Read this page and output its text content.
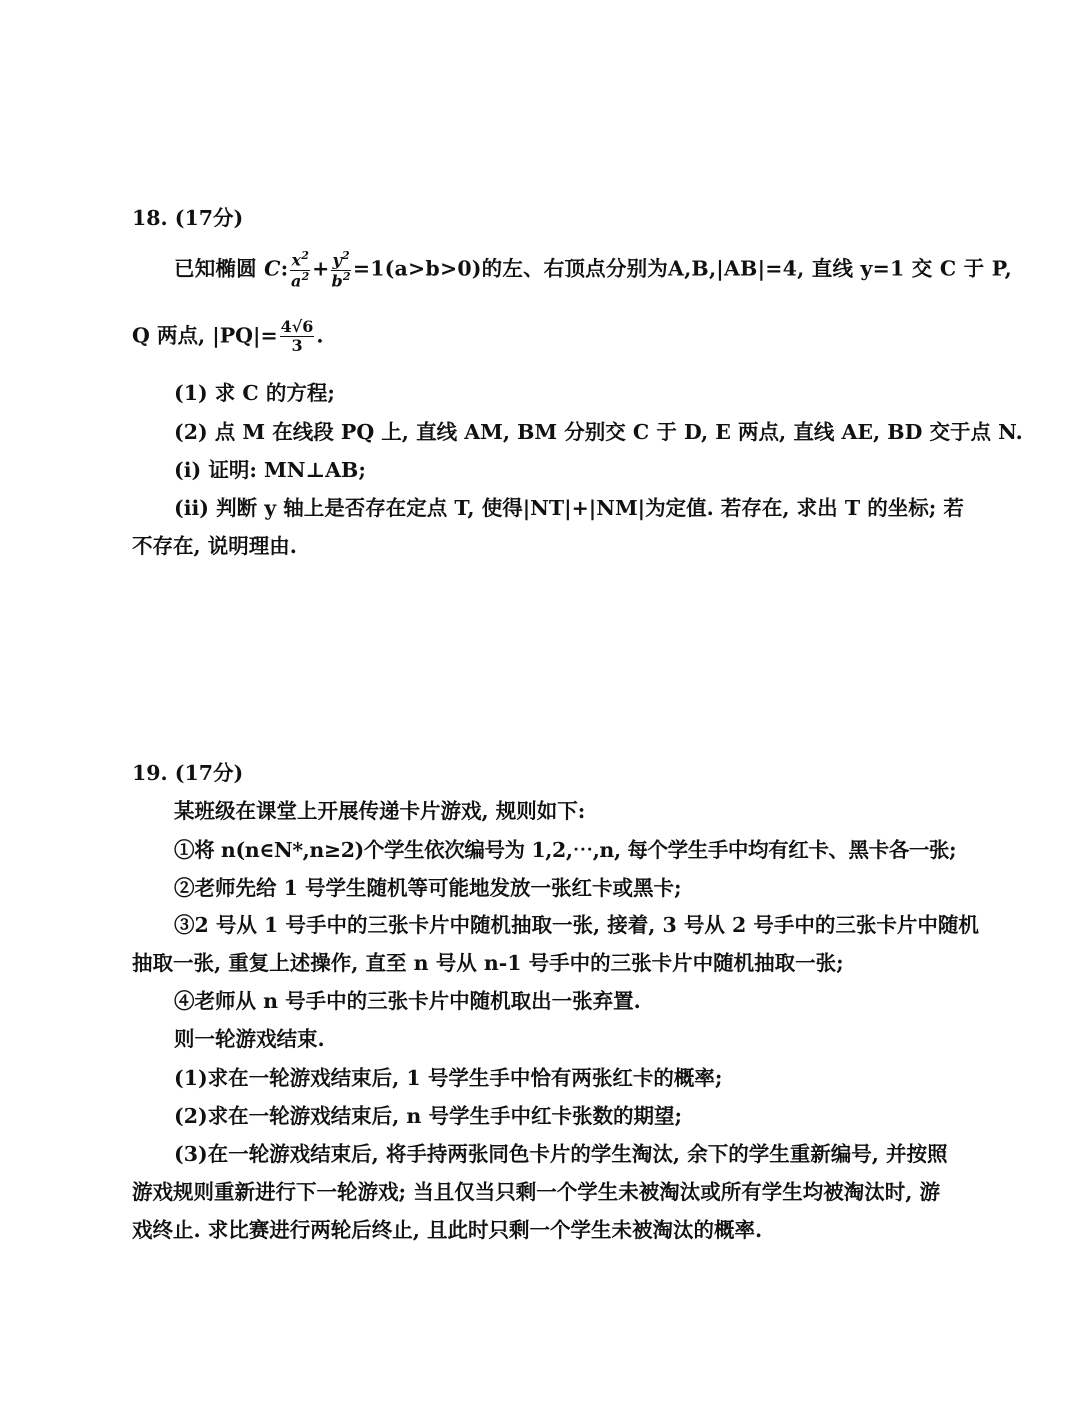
18. (17分)
已知椭圆 C: $\frac{x^2}{a^2} + \frac{y^2}{b^2} =1(a>b>0)$的左、右顶点分别为A,B,|AB|=4, 直线 y=1 交 C 于 P,
Q 两点, $|PQ|= \frac{4√6}{3}$ .
(1) 求 C 的方程;
(2) 点 M 在线段 PQ 上, 直线 AM, BM 分别交 C 于 D, E 两点, 直线 AE, BD 交于点 N.
(i) 证明: MN⊥AB;
(ii) 判断 y 轴上是否存在定点 T, 使得|NT|+|NM|为定值. 若存在, 求出 T 的坐标; 若
不存在, 说明理由.
19. (17分)
某班级在课堂上开展传递卡片游戏, 规则如下:
①将 n(n∈N*,n≥2)个学生依次编号为 1,2,⋯,n, 每个学生手中均有红卡、黑卡各一张;
②老师先给 1 号学生随机等可能地发放一张红卡或黑卡;
③2 号从 1 号手中的三张卡片中随机抽取一张, 接着, 3 号从 2 号手中的三张卡片中随机
抽取一张, 重复上述操作, 直至 n 号从 n-1 号手中的三张卡片中随机抽取一张;
④老师从 n 号手中的三张卡片中随机取出一张弃置.
则一轮游戏结束.
(1)求在一轮游戏结束后, 1 号学生手中恰有两张红卡的概率;
(2)求在一轮游戏结束后, n 号学生手中红卡张数的期望;
(3)在一轮游戏结束后, 将手持两张同色卡片的学生淘汰, 余下的学生重新编号, 并按照
游戏规则重新进行下一轮游戏; 当且仅当只剩一个学生未被淘汰或所有学生均被淘汰时, 游
戏终止. 求比赛进行两轮后终止, 且此时只剩一个学生未被淘汰的概率.
